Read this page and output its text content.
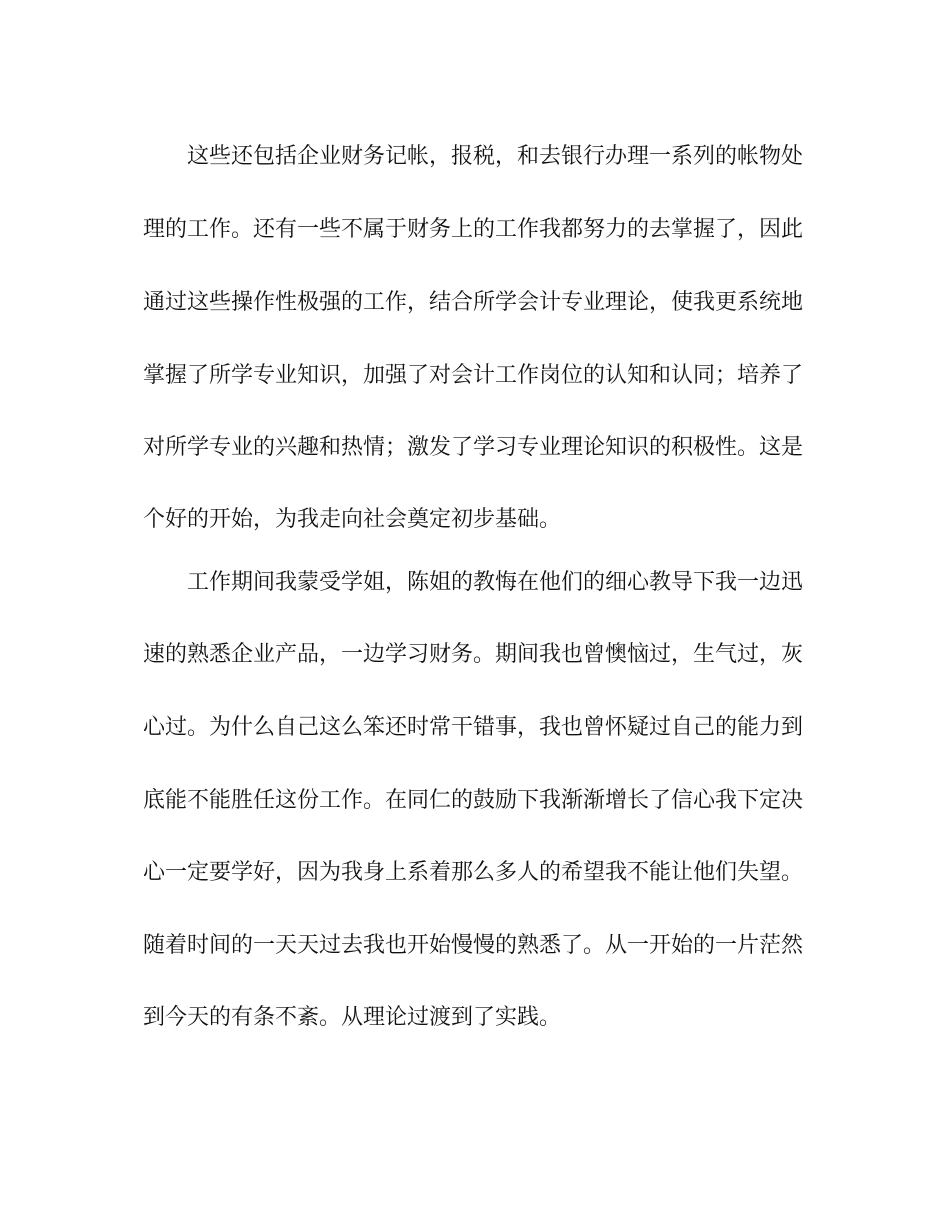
这些还包括企业财务记帐，报税，和去银行办理一系列的帐物处
理的工作。还有一些不属于财务上的工作我都努力的去掌握了，因此
通过这些操作性极强的工作，结合所学会计专业理论，使我更系统地
掌握了所学专业知识，加强了对会计工作岗位的认知和认同；培养了
对所学专业的兴趣和热情；激发了学习专业理论知识的积极性。这是
个好的开始，为我走向社会奠定初步基础。
工作期间我蒙受学姐，陈姐的教悔在他们的细心教导下我一边迅
速的熟悉企业产品，一边学习财务。期间我也曾懊恼过，生气过，灰
心过。为什么自己这么笨还时常干错事，我也曾怀疑过自己的能力到
底能不能胜任这份工作。在同仁的鼓励下我渐渐增长了信心我下定决
心一定要学好，因为我身上系着那么多人的希望我不能让他们失望。
随着时间的一天天过去我也开始慢慢的熟悉了。从一开始的一片茫然
到今天的有条不紊。从理论过渡到了实践。
